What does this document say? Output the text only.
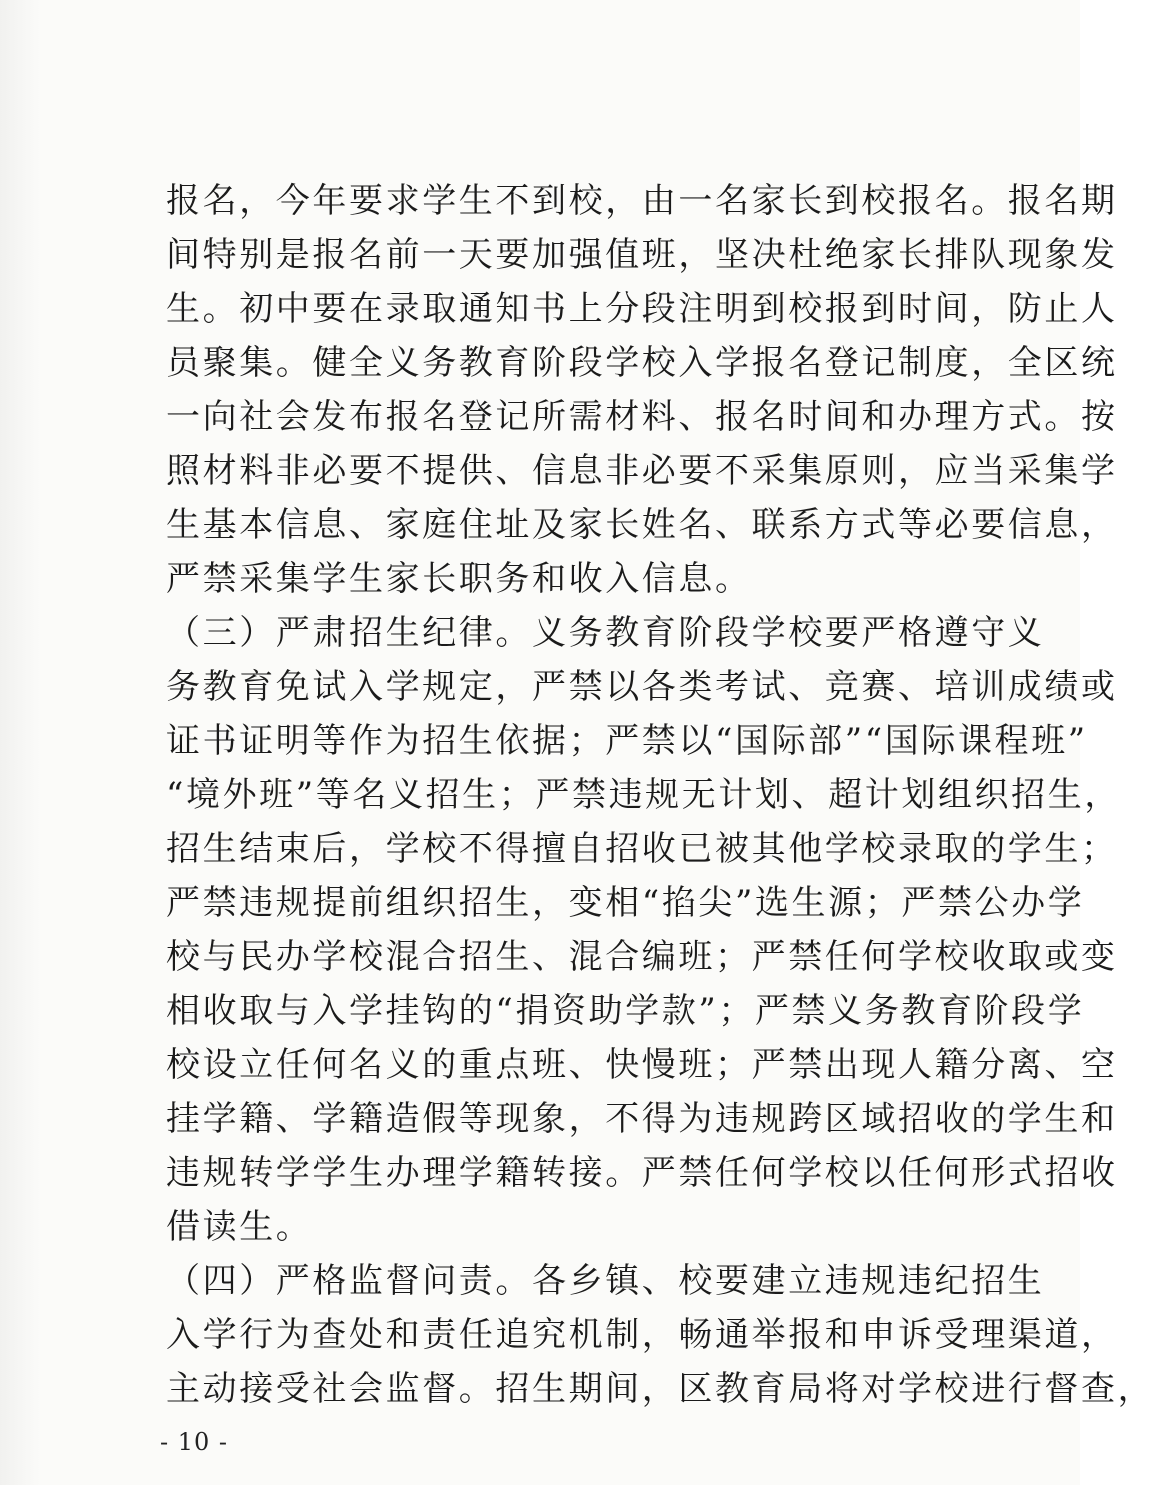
报名，今年要求学生不到校，由一名家长到校报名。报名期
间特别是报名前一天要加强值班，坚决杜绝家长排队现象发
生。初中要在录取通知书上分段注明到校报到时间，防止人
员聚集。健全义务教育阶段学校入学报名登记制度，全区统
一向社会发布报名登记所需材料、报名时间和办理方式。按
照材料非必要不提供、信息非必要不采集原则，应当采集学
生基本信息、家庭住址及家长姓名、联系方式等必要信息，
严禁采集学生家长职务和收入信息。
（三）严肃招生纪律。义务教育阶段学校要严格遵守义
务教育免试入学规定，严禁以各类考试、竞赛、培训成绩或
证书证明等作为招生依据；严禁以“国际部”“国际课程班”
“境外班”等名义招生；严禁违规无计划、超计划组织招生，
招生结束后，学校不得擅自招收已被其他学校录取的学生；
严禁违规提前组织招生，变相“掐尖”选生源；严禁公办学
校与民办学校混合招生、混合编班；严禁任何学校收取或变
相收取与入学挂钩的“捐资助学款”；严禁义务教育阶段学
校设立任何名义的重点班、快慢班；严禁出现人籍分离、空
挂学籍、学籍造假等现象，不得为违规跨区域招收的学生和
违规转学学生办理学籍转接。严禁任何学校以任何形式招收
借读生。
（四）严格监督问责。各乡镇、校要建立违规违纪招生
入学行为查处和责任追究机制，畅通举报和申诉受理渠道，
主动接受社会监督。招生期间，区教育局将对学校进行督查，
- 10 -
